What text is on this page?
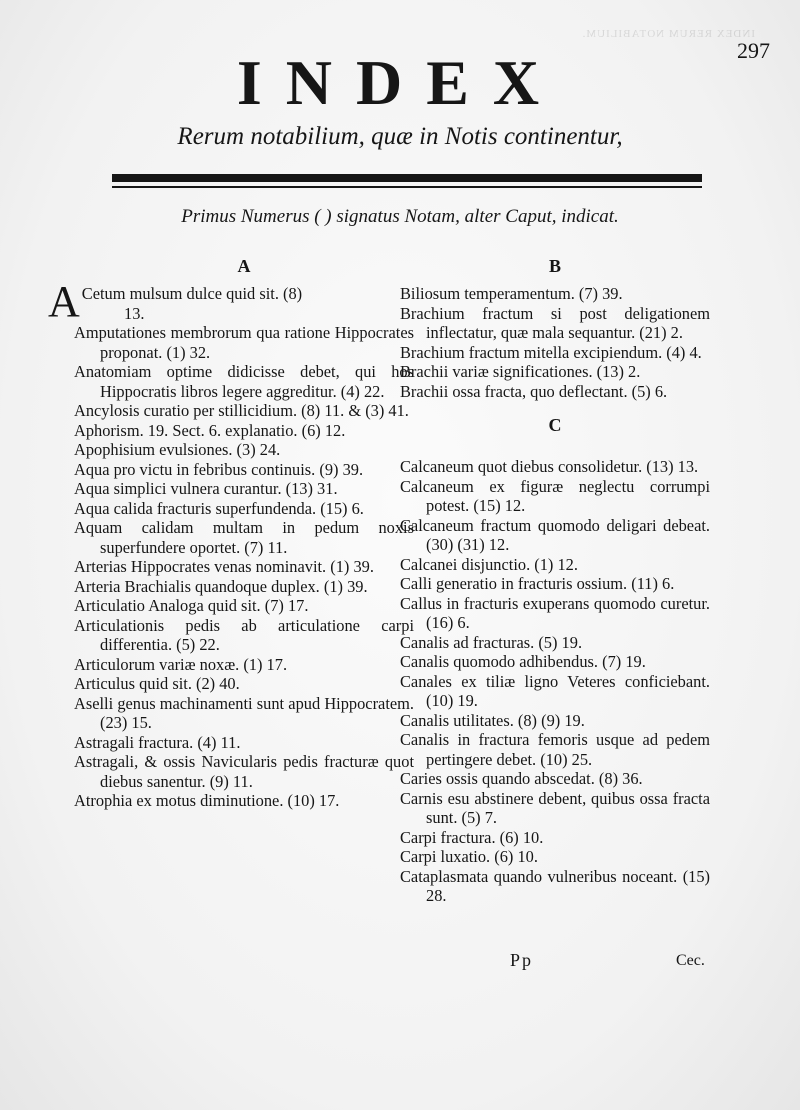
INDEX RERUM NOTABILIUM.
297
INDEX
Rerum notabilium, quæ in Notis continentur,
Primus Numerus ( ) signatus Notam, alter Caput, indicat.
A
A Cetum mulsum dulce quid sit. (8)
13.
Amputationes membrorum qua ratione Hippocrates proponat. (1) 32.
Anatomiam optime didicisse debet, qui hos Hippocratis libros legere aggreditur. (4) 22.
Ancylosis curatio per stillicidium. (8) 11. & (3) 41.
Aphorism. 19. Sect. 6. explanatio. (6) 12.
Apophisium evulsiones. (3) 24.
Aqua pro victu in febribus continuis. (9) 39.
Aqua simplici vulnera curantur. (13) 31.
Aqua calida fracturis superfundenda. (15) 6.
Aquam calidam multam in pedum noxis superfundere oportet. (7) 11.
Arterias Hippocrates venas nominavit. (1) 39.
Arteria Brachialis quandoque duplex. (1) 39.
Articulatio Analoga quid sit. (7) 17.
Articulationis pedis ab articulatione carpi differentia. (5) 22.
Articulorum variæ noxæ. (1) 17.
Articulus quid sit. (2) 40.
Aselli genus machinamenti sunt apud Hippocratem. (23) 15.
Astragali fractura. (4) 11.
Astragali, & ossis Navicularis pedis fracturæ quot diebus sanentur. (9) 11.
Atrophia ex motus diminutione. (10) 17.
B
Biliosum temperamentum. (7) 39.
Brachium fractum si post deligationem inflectatur, quæ mala sequantur. (21) 2.
Brachium fractum mitella excipiendum. (4) 4.
Brachii variæ significationes. (13) 2.
Brachii ossa fracta, quo deflectant. (5) 6.
C
Calcaneum quot diebus consolidetur. (13) 13.
Calcaneum ex figuræ neglectu corrumpi potest. (15) 12.
Calcaneum fractum quomodo deligari debeat. (30) (31) 12.
Calcanei disjunctio. (1) 12.
Calli generatio in fracturis ossium. (11) 6.
Callus in fracturis exuperans quomodo curetur. (16) 6.
Canalis ad fracturas. (5) 19.
Canalis quomodo adhibendus. (7) 19.
Canales ex tiliæ ligno Veteres conficiebant. (10) 19.
Canalis utilitates. (8) (9) 19.
Canalis in fractura femoris usque ad pedem pertingere debet. (10) 25.
Caries ossis quando abscedat. (8) 36.
Carnis esu abstinere debent, quibus ossa fracta sunt. (5) 7.
Carpi fractura. (6) 10.
Carpi luxatio. (6) 10.
Cataplasmata quando vulneribus noceant. (15) 28.
Pp	Cec.
